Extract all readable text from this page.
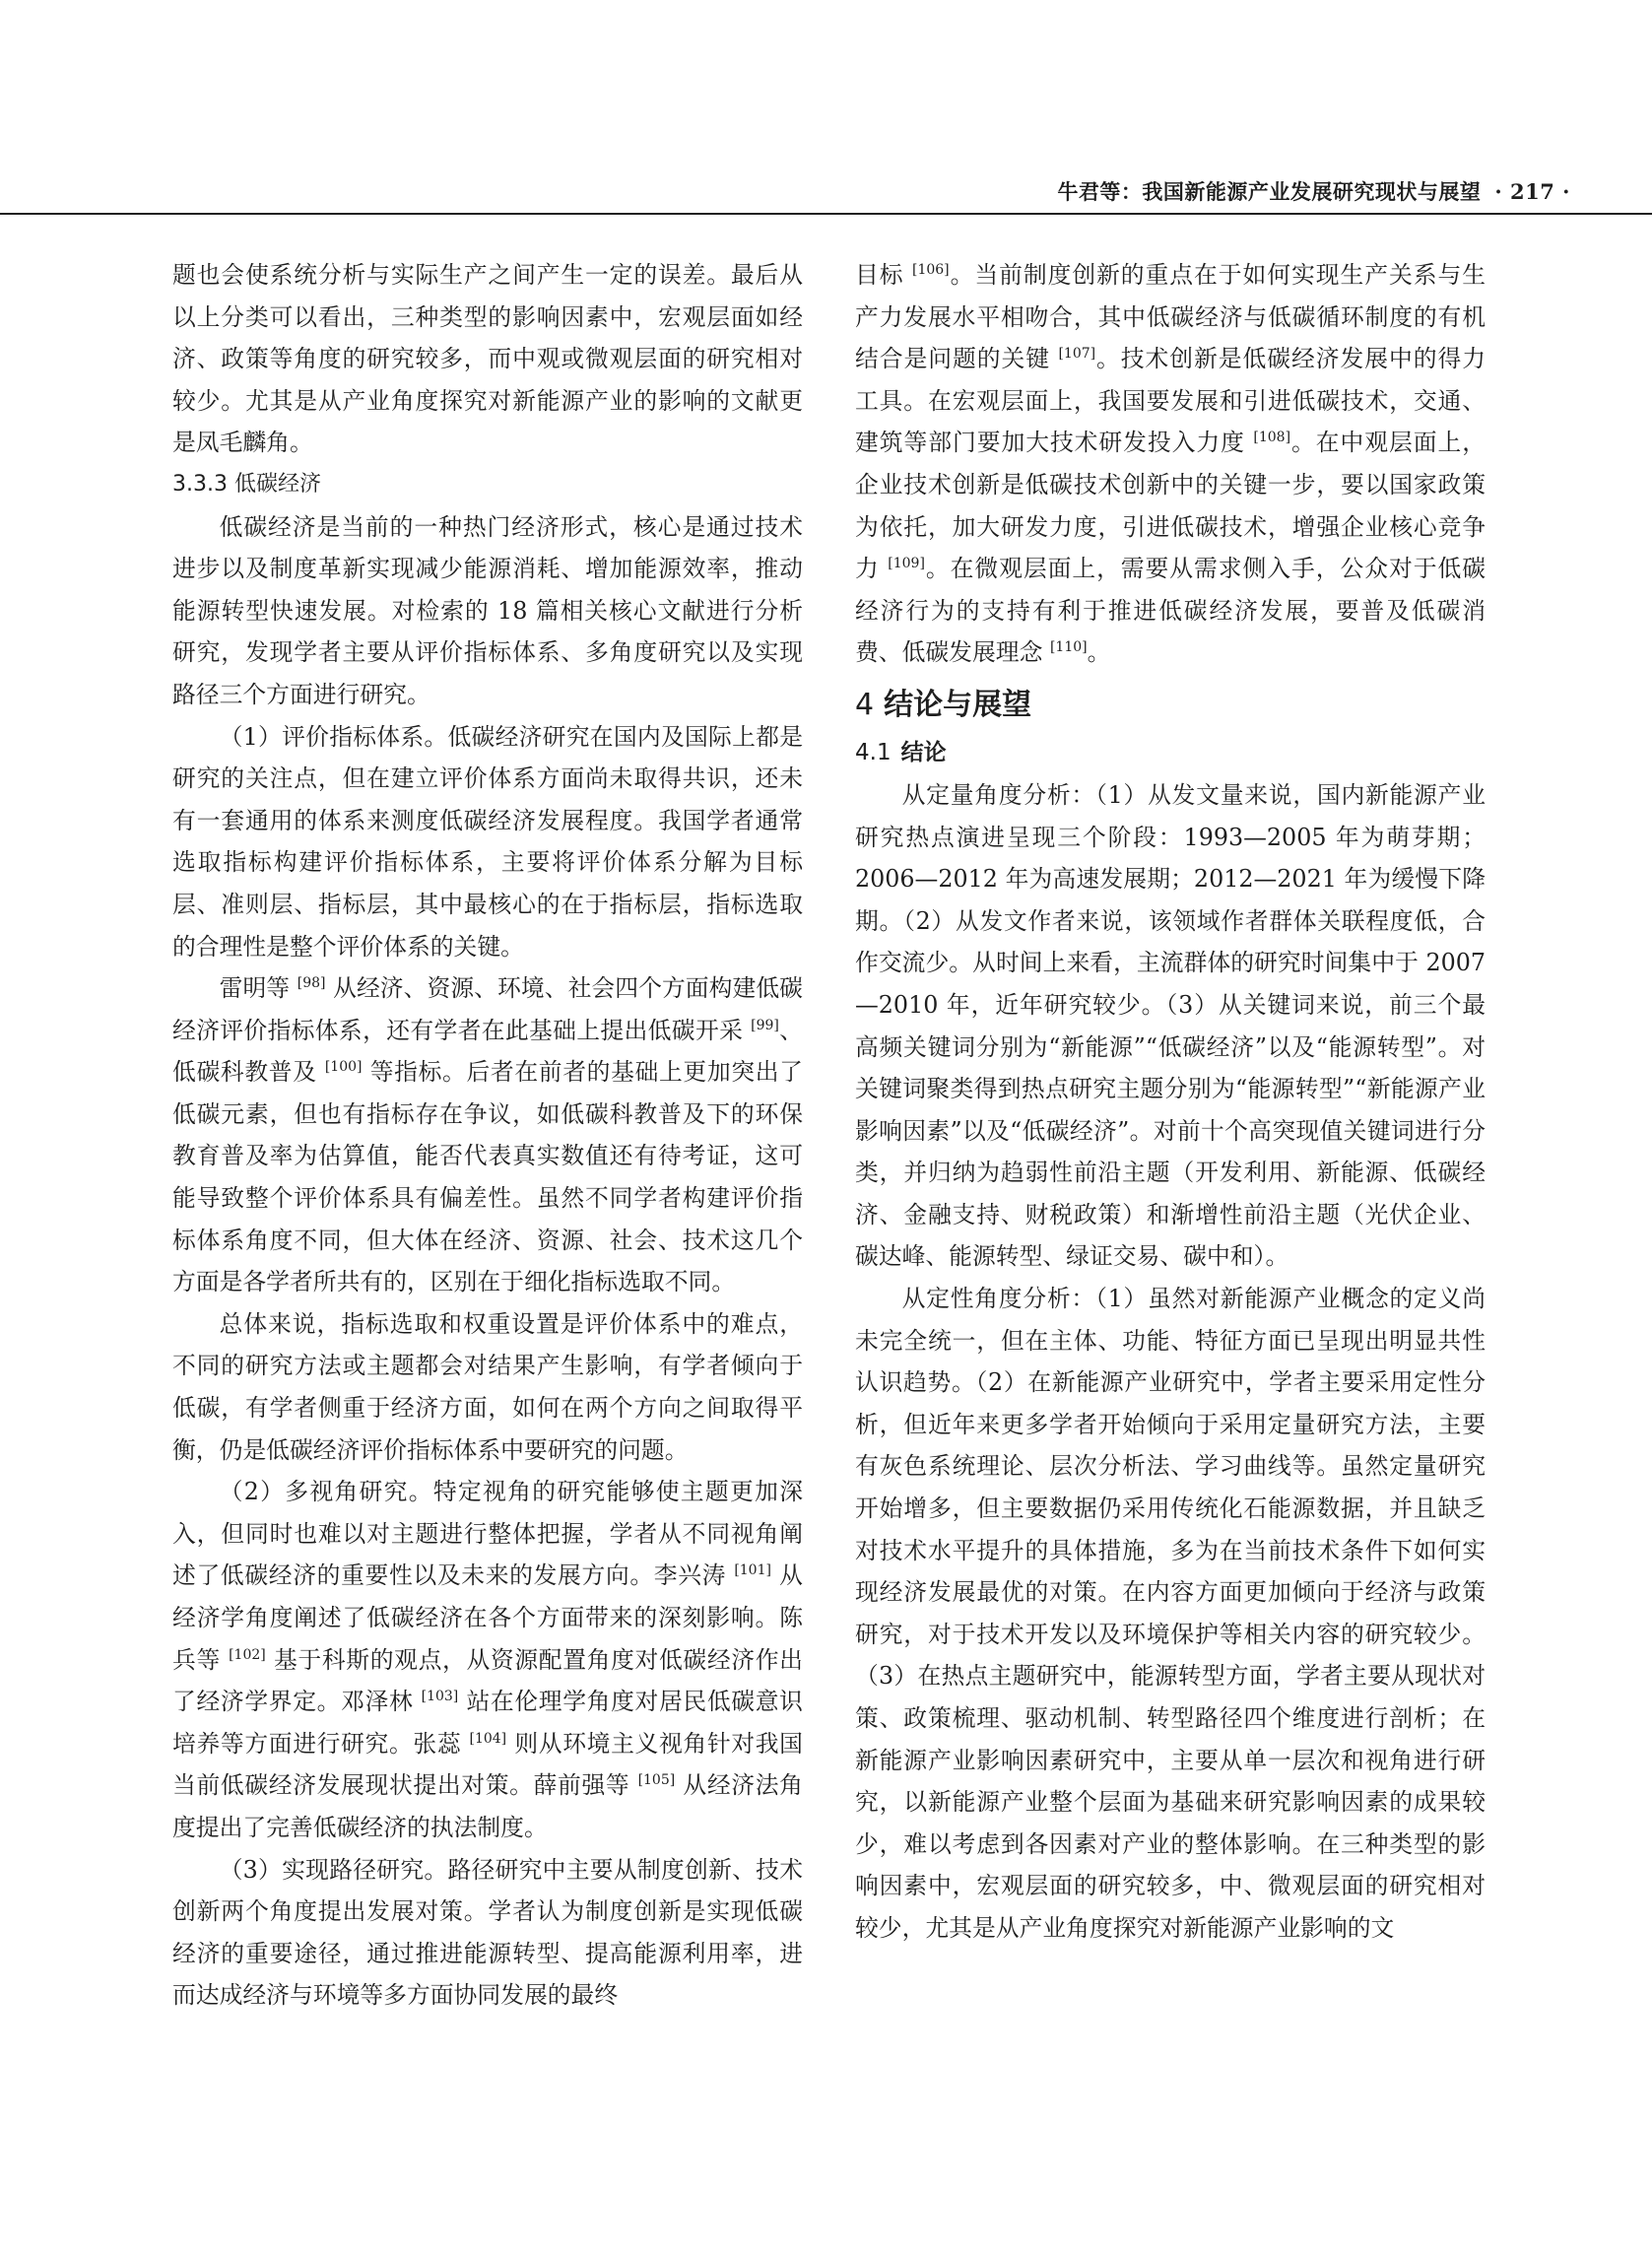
牛君等：我国新能源产业发展研究现状与展望 · 217 ·

题也会使系统分析与实际生产之间产生一定的误差。最后从以上分类可以看出，三种类型的影响因素中，宏观层面如经济、政策等角度的研究较多，而中观或微观层面的研究相对较少。尤其是从产业角度探究对新能源产业的影响的文献更是凤毛麟角。

3.3.3 低碳经济

低碳经济是当前的一种热门经济形式，核心是通过技术进步以及制度革新实现减少能源消耗、增加能源效率，推动能源转型快速发展。对检索的 18 篇相关核心文献进行分析研究，发现学者主要从评价指标体系、多角度研究以及实现路径三个方面进行研究。

（1）评价指标体系。低碳经济研究在国内及国际上都是研究的关注点，但在建立评价体系方面尚未取得共识，还未有一套通用的体系来测度低碳经济发展程度。我国学者通常选取指标构建评价指标体系，主要将评价体系分解为目标层、准则层、指标层，其中最核心的在于指标层，指标选取的合理性是整个评价体系的关键。

雷明等 [98] 从经济、资源、环境、社会四个方面构建低碳经济评价指标体系，还有学者在此基础上提出低碳开采 [99]、低碳科教普及 [100] 等指标。后者在前者的基础上更加突出了低碳元素，但也有指标存在争议，如低碳科教普及下的环保教育普及率为估算值，能否代表真实数值还有待考证，这可能导致整个评价体系具有偏差性。虽然不同学者构建评价指标体系角度不同，但大体在经济、资源、社会、技术这几个方面是各学者所共有的，区别在于细化指标选取不同。

总体来说，指标选取和权重设置是评价体系中的难点，不同的研究方法或主题都会对结果产生影响，有学者倾向于低碳，有学者侧重于经济方面，如何在两个方向之间取得平衡，仍是低碳经济评价指标体系中要研究的问题。

（2）多视角研究。特定视角的研究能够使主题更加深入，但同时也难以对主题进行整体把握，学者从不同视角阐述了低碳经济的重要性以及未来的发展方向。李兴涛 [101] 从经济学角度阐述了低碳经济在各个方面带来的深刻影响。陈兵等 [102] 基于科斯的观点，从资源配置角度对低碳经济作出了经济学界定。邓泽林 [103] 站在伦理学角度对居民低碳意识培养等方面进行研究。张蕊 [104] 则从环境主义视角针对我国当前低碳经济发展现状提出对策。薛前强等 [105] 从经济法角度提出了完善低碳经济的执法制度。

（3）实现路径研究。路径研究中主要从制度创新、技术创新两个角度提出发展对策。学者认为制度创新是实现低碳经济的重要途径，通过推进能源转型、提高能源利用率，进而达成经济与环境等多方面协同发展的最终

目标 [106]。当前制度创新的重点在于如何实现生产关系与生产力发展水平相吻合，其中低碳经济与低碳循环制度的有机结合是问题的关键 [107]。技术创新是低碳经济发展中的得力工具。在宏观层面上，我国要发展和引进低碳技术，交通、建筑等部门要加大技术研发投入力度 [108]。在中观层面上，企业技术创新是低碳技术创新中的关键一步，要以国家政策为依托，加大研发力度，引进低碳技术，增强企业核心竞争力 [109]。在微观层面上，需要从需求侧入手，公众对于低碳经济行为的支持有利于推进低碳经济发展，要普及低碳消费、低碳发展理念 [110]。

4 结论与展望
4.1 结论

从定量角度分析：（1）从发文量来说，国内新能源产业研究热点演进呈现三个阶段：1993—2005 年为萌芽期；2006—2012 年为高速发展期；2012—2021 年为缓慢下降期。（2）从发文作者来说，该领域作者群体关联程度低，合作交流少。从时间上来看，主流群体的研究时间集中于 2007—2010 年，近年研究较少。（3）从关键词来说，前三个最高频关键词分别为“新能源”“低碳经济”以及“能源转型”。对关键词聚类得到热点研究主题分别为“能源转型”“新能源产业影响因素”以及“低碳经济”。对前十个高突现值关键词进行分类，并归纳为趋弱性前沿主题（开发利用、新能源、低碳经济、金融支持、财税政策）和渐增性前沿主题（光伏企业、碳达峰、能源转型、绿证交易、碳中和）。

从定性角度分析：（1）虽然对新能源产业概念的定义尚未完全统一，但在主体、功能、特征方面已呈现出明显共性认识趋势。（2）在新能源产业研究中，学者主要采用定性分析，但近年来更多学者开始倾向于采用定量研究方法，主要有灰色系统理论、层次分析法、学习曲线等。虽然定量研究开始增多，但主要数据仍采用传统化石能源数据，并且缺乏对技术水平提升的具体措施，多为在当前技术条件下如何实现经济发展最优的对策。在内容方面更加倾向于经济与政策研究，对于技术开发以及环境保护等相关内容的研究较少。（3）在热点主题研究中，能源转型方面，学者主要从现状对策、政策梳理、驱动机制、转型路径四个维度进行剖析；在新能源产业影响因素研究中，主要从单一层次和视角进行研究，以新能源产业整个层面为基础来研究影响因素的成果较少，难以考虑到各因素对产业的整体影响。在三种类型的影响因素中，宏观层面的研究较多，中、微观层面的研究相对较少，尤其是从产业角度探究对新能源产业影响的文
